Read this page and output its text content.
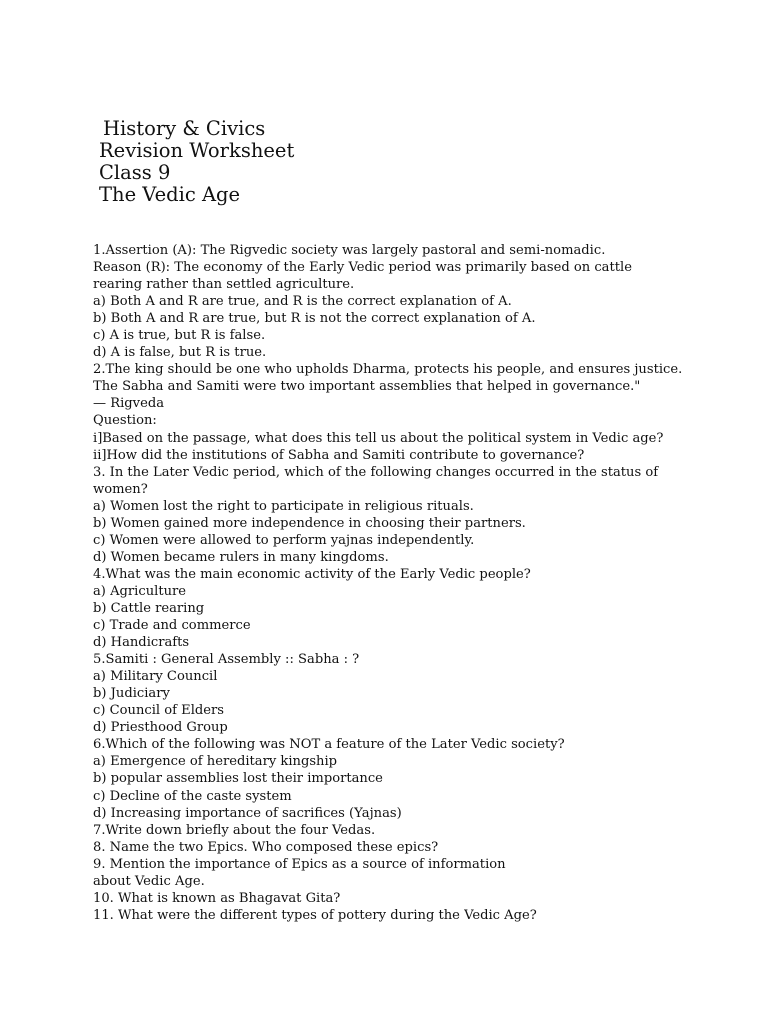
History & Civics
Revision Worksheet
Class 9
The Vedic Age
1.Assertion (A): The Rigvedic society was largely pastoral and semi-nomadic.
Reason (R): The economy of the Early Vedic period was primarily based on cattle
rearing rather than settled agriculture.
a) Both A and R are true, and R is the correct explanation of A.
b) Both A and R are true, but R is not the correct explanation of A.
c) A is true, but R is false.
d) A is false, but R is true.
2.The king should be one who upholds Dharma, protects his people, and ensures justice.
The Sabha and Samiti were two important assemblies that helped in governance."
— Rigveda
Question:
i]Based on the passage, what does this tell us about the political system in Vedic age?
ii]How did the institutions of Sabha and Samiti contribute to governance?
3. In the Later Vedic period, which of the following changes occurred in the status of
women?
a) Women lost the right to participate in religious rituals.
b) Women gained more independence in choosing their partners.
c) Women were allowed to perform yajnas independently.
d) Women became rulers in many kingdoms.
4.What was the main economic activity of the Early Vedic people?
a) Agriculture
b) Cattle rearing
c) Trade and commerce
d) Handicrafts
5.Samiti : General Assembly :: Sabha : ?
a) Military Council
b) Judiciary
c) Council of Elders
d) Priesthood Group
6.Which of the following was NOT a feature of the Later Vedic society?
a) Emergence of hereditary kingship
b) popular assemblies lost their importance
c) Decline of the caste system
d) Increasing importance of sacrifices (Yajnas)
7.Write down briefly about the four Vedas.
8. Name the two Epics. Who composed these epics?
9. Mention the importance of Epics as a source of information
about Vedic Age.
10. What is known as Bhagavat Gita?
11. What were the different types of pottery during the Vedic Age?
